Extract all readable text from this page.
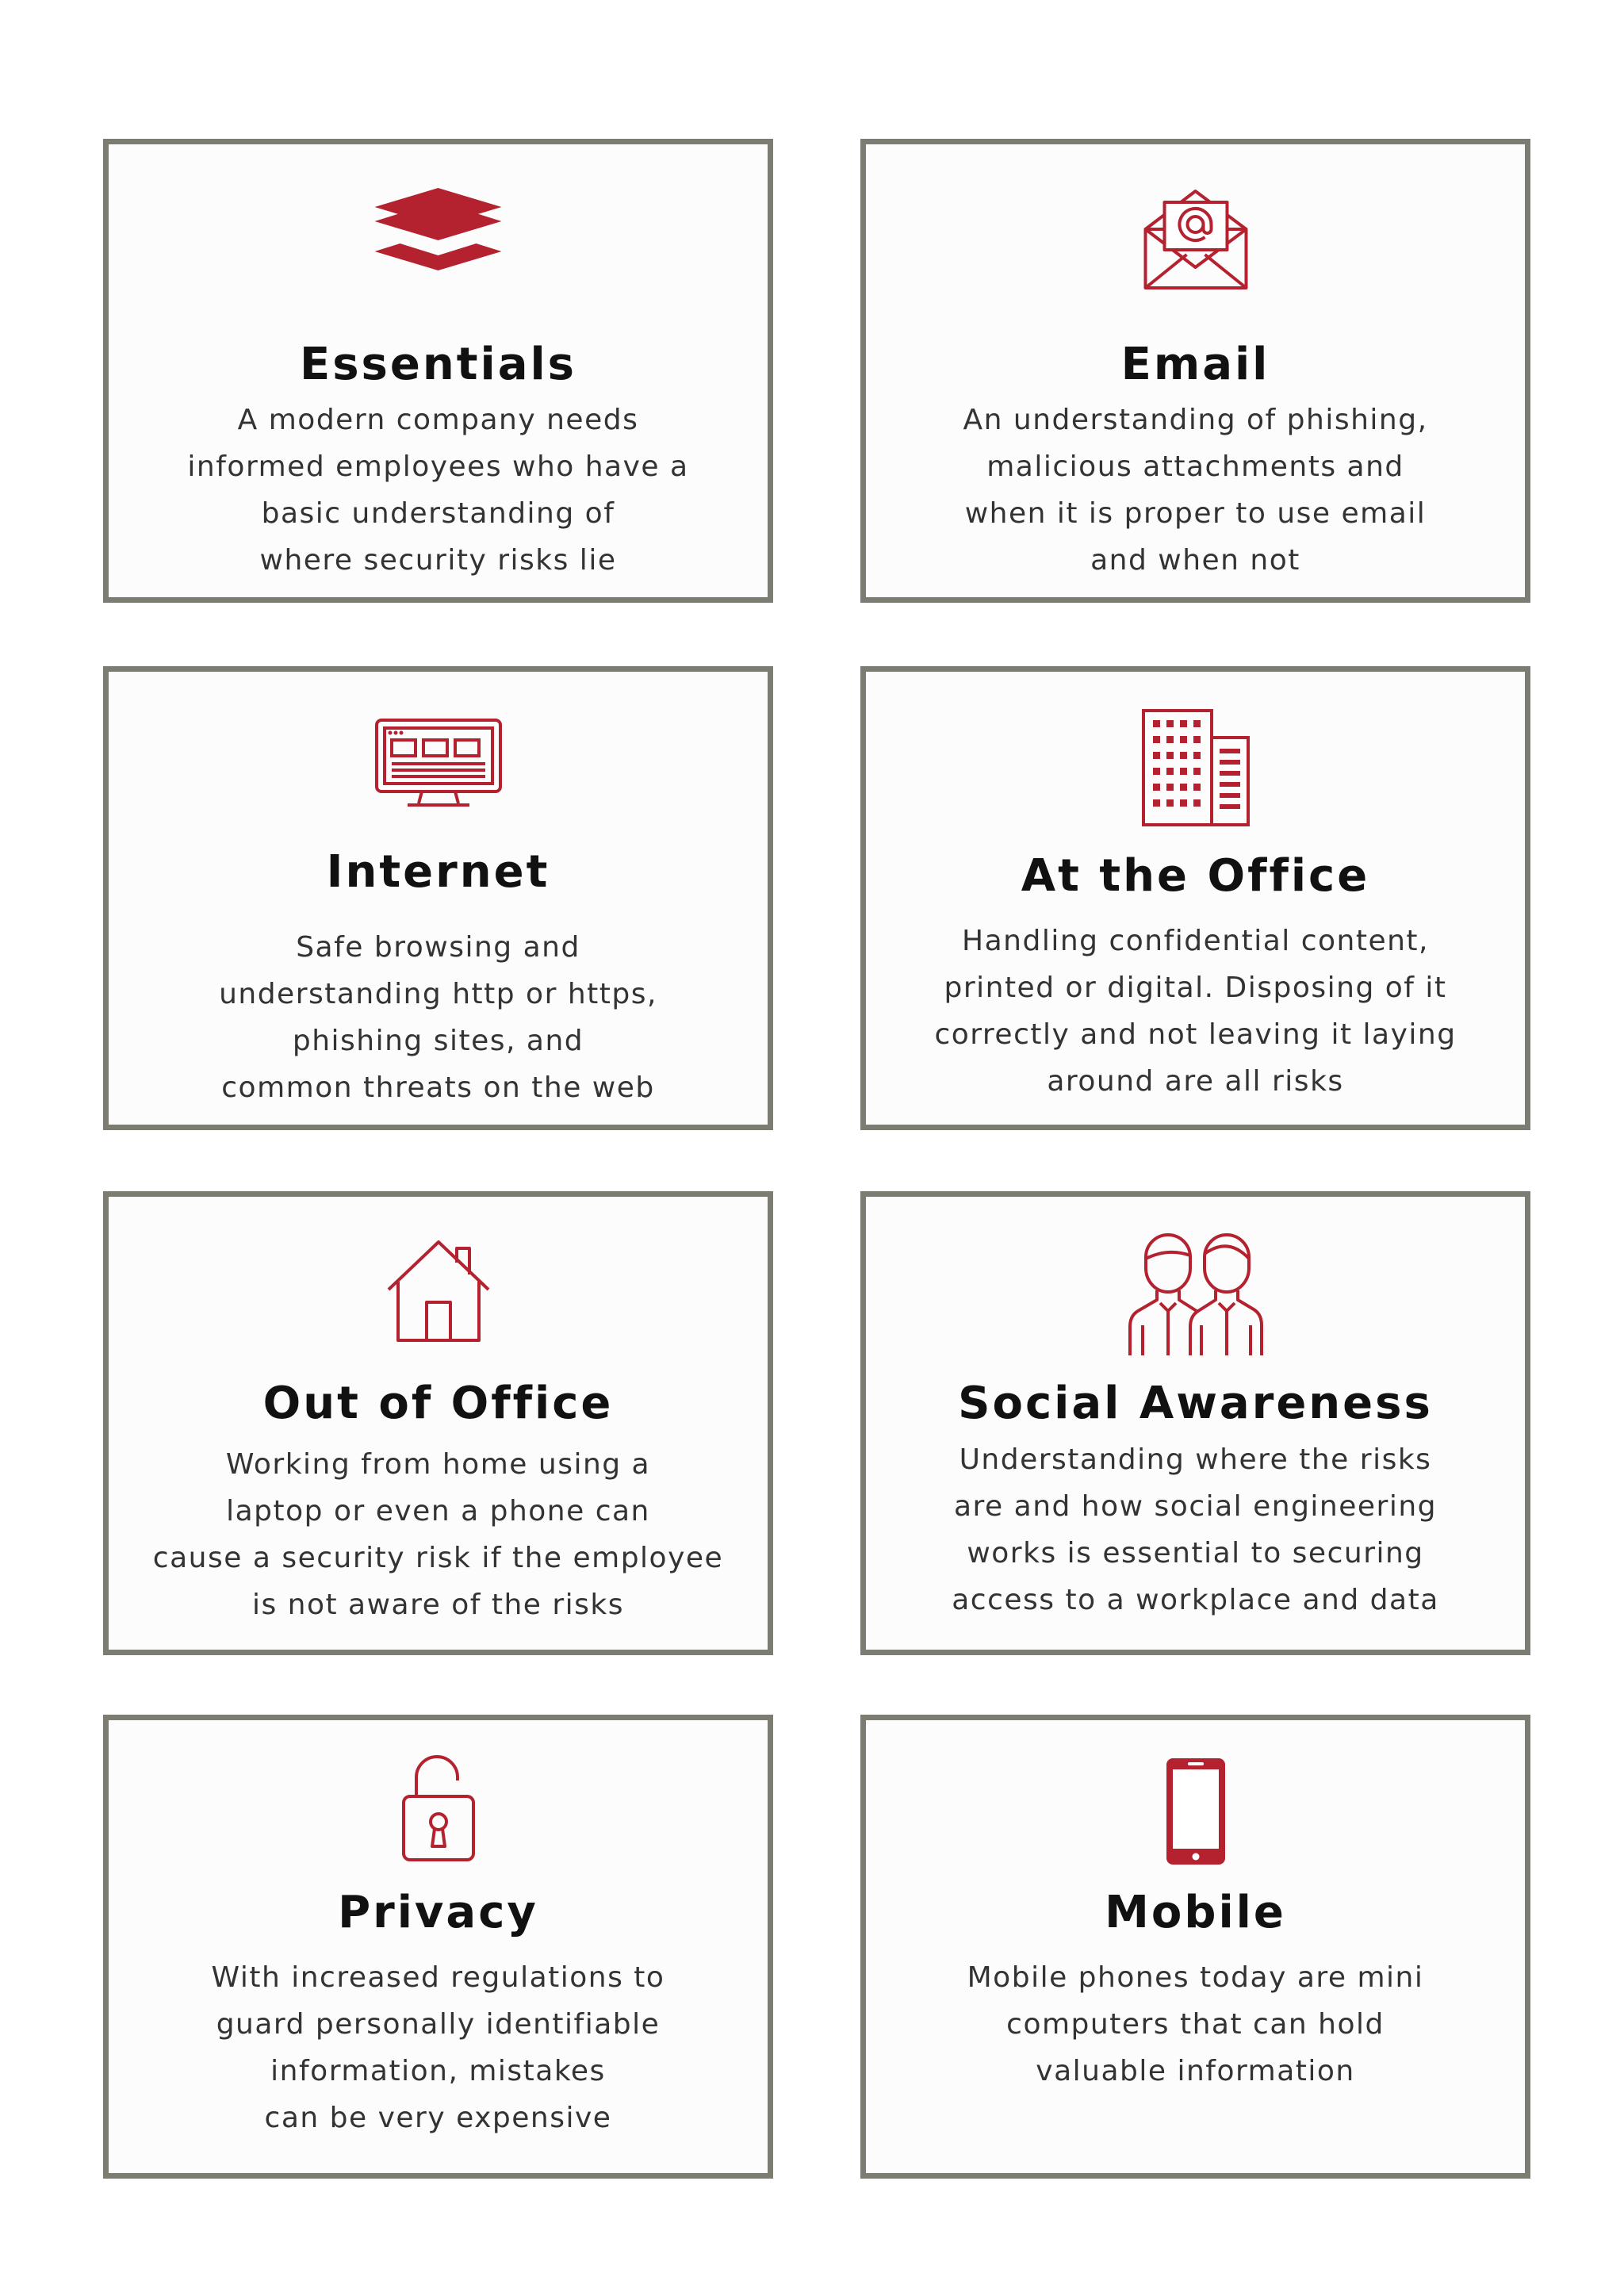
Essentials
A modern company needs
informed employees who have a
basic understanding of
where security risks lie
Email
An understanding of phishing,
malicious attachments and
when it is proper to use email
and when not
Internet
Safe browsing and
understanding http or https,
phishing sites, and
common threats on the web
At the Office
Handling confidential content,
printed or digital. Disposing of it
correctly and not leaving it laying
around are all risks
Out of Office
Working from home using a
laptop or even a phone can
cause a security risk if the employee
is not aware of the risks
Social Awareness
Understanding where the risks
are and how social engineering
works is essential to securing
access to a workplace and data
Privacy
With increased regulations to
guard personally identifiable
information, mistakes
can be very expensive
Mobile
Mobile phones today are mini
computers that can hold
valuable information
